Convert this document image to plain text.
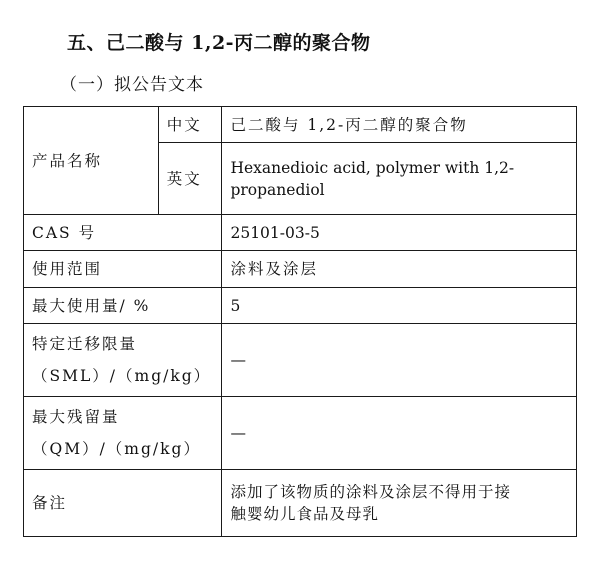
五、己二酸与 1,2-丙二醇的聚合物
（一）拟公告文本
产品名称	中文	己二酸与 1,2-丙二醇的聚合物
	英文	Hexanedioic acid, polymer with 1,2-
propanediol

CAS 号		25101-03-5
使用范围		涂料及涂层
最大使用量/ %		5

特定迁移限量
（SML）/（mg/kg）		—

最大残留量
（QM）/（mg/kg）		—
备注		添加了该物质的涂料及涂层不得用于接
触婴幼儿食品及母乳
